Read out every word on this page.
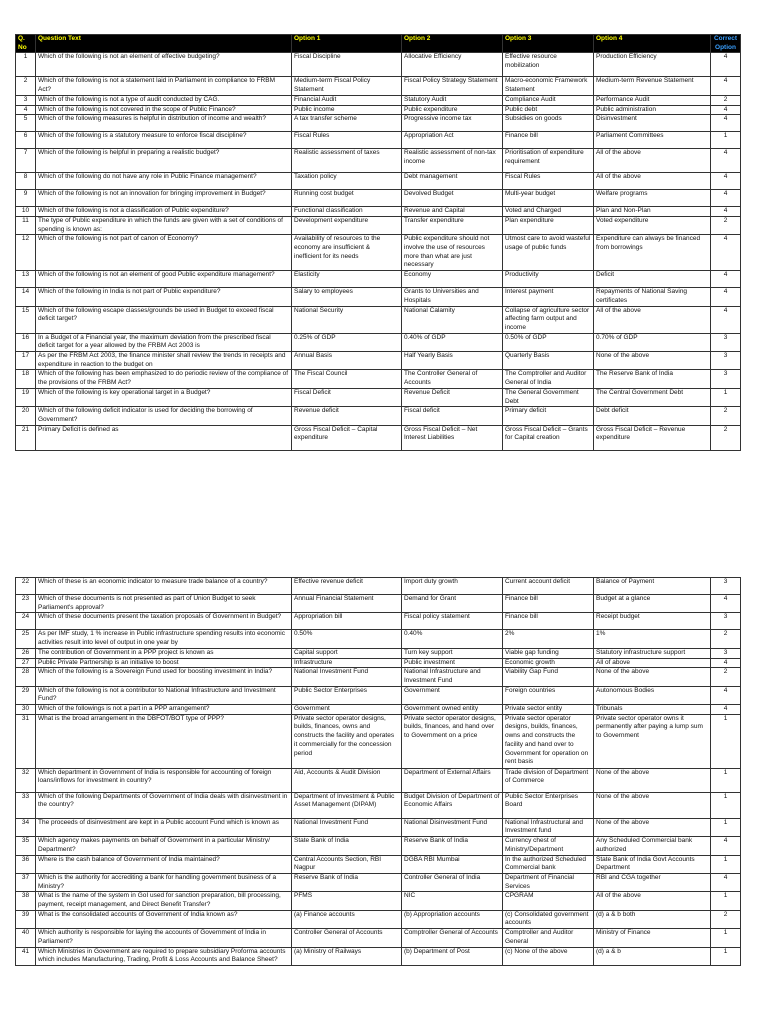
Q. No	Question Text	Option 1	Option 2	Option 3	Option 4	Correct Option
1	Which of the following is not an element of effective budgeting?	Fiscal Discipline	Allocative Efficiency	Effective resource mobilization	Production Efficiency	4
2	Which of the following is not a statement laid in Parliament in compliance to FRBM Act?	Medium-term Fiscal Policy Statement	Fiscal Policy Strategy Statement	Macro-economic Framework Statement	Medium-term Revenue Statement	4
3	Which of the following is not a type of audit conducted by CAG.	Financial Audit	Statutory Audit	Compliance Audit	Performance Audit	2
4	Which of the following is not covered in the scope of Public Finance?	Public income	Public expenditure	Public debt	Public administration	4
5	Which of the following measures is helpful in distribution of income and wealth?	A tax transfer scheme	Progressive income tax	Subsidies on goods	Disinvestment	4
6	Which of the following is a statutory measure to enforce fiscal discipline?	Fiscal Rules	Appropriation Act	Finance bill	Parliament Committees	1
7	Which of the following is helpful in preparing a realistic budget?	Realistic assessment of taxes	Realistic assessment of non-tax income	Prioritisation of expenditure requirement	All of the above	4
8	Which of the following do not have any role in Public Finance management?	Taxation policy	Debt management	Fiscal Rules	All of the above	4
9	Which of the following is not an innovation for bringing improvement in Budget?	Running cost budget	Devolved Budget	Multi-year budget	Welfare programs	4
10	Which of the following is not a classification of Public expenditure?	Functional classification	Revenue and Capital	Voted and Charged	Plan and Non-Plan	4
11	The type of Public expenditure in which the funds are given with a set of conditions of spending is known as:	Development expenditure	Transfer expenditure	Plan expenditure	Voted expenditure	2
12	Which of the following is not part of canon of Economy?	Availability of resources to the economy are insufficient & inefficient for its needs	Public expenditure should not involve the use of resources more than what are just necessary	Utmost care to avoid wasteful usage of public funds	Expenditure can always be financed from borrowings	4
13	Which of the following is not an element of good Public expenditure management?	Elasticity	Economy	Productivity	Deficit	4
14	Which of the following in India is not part of Public expenditure?	Salary to employees	Grants to Universities and Hospitals	Interest payment	Repayments of National Saving certificates	4
15	Which of the following escape classes/grounds be used in Budget to exceed fiscal deficit target?	National Security	National Calamity	Collapse of agriculture sector affecting farm output and income	All of the above	4
16	In a Budget of a Financial year, the maximum deviation from the prescribed fiscal deficit target for a year allowed by the FRBM Act 2003 is	0.25% of GDP	0.40% of GDP	0.50% of GDP	0.70% of GDP	3
17	As per the FRBM Act 2003, the finance minister shall review the trends in receipts and expenditure in reaction to the budget on	Annual Basis	Half Yearly Basis	Quarterly Basis	None of the above	3
18	Which of the following has been emphasized to do periodic review of the compliance of the provisions of the FRBM Act?	The Fiscal Council	The Controller General of Accounts	The Comptroller and Auditor General of India	The Reserve Bank of India	3
19	Which of the following is key operational target in a Budget?	Fiscal Deficit	Revenue Deficit	The General Government Debt	The Central Government Debt	1
20	Which of the following deficit indicator is used for deciding the borrowing of Government?	Revenue deficit	Fiscal deficit	Primary deficit	Debt deficit	2
21	Primary Deficit is defined as	Gross Fiscal Deficit – Capital expenditure	Gross Fiscal Deficit – Net Interest Liabilities	Gross Fiscal Deficit – Grants for Capital creation	Gross Fiscal Deficit – Revenue expenditure	2
22	Which of these is an economic indicator to measure trade balance of a country?	Effective revenue deficit	Import duty growth	Current account deficit	Balance of Payment	3
23	Which of these documents is not presented as part of Union Budget to seek Parliament's approval?	Annual Financial Statement	Demand for Grant	Finance bill	Budget at a glance	4
24	Which of these documents present the taxation proposals of Government in Budget?	Appropriation bill	Fiscal policy statement	Finance bill	Receipt budget	3
25	As per IMF study, 1 % increase in Public infrastructure spending results into economic activities result into level of output in one year by	0.50%	0.40%	2%	1%	2
26	The contribution of Government in a PPP project is known as	Capital support	Turn key support	Viable gap funding	Statutory infrastructure support	3
27	Public Private Partnership is an initiative to boost	Infrastructure	Public investment	Economic growth	All of above	4
28	Which of the following is a Sovereign Fund used for boosting investment in India?	National Investment Fund	National Infrastructure and Investment Fund	Viability Gap Fund	None of the above	2
29	Which of the following is not a contributor to National Infrastructure and Investment Fund?	Public Sector Enterprises	Government	Foreign countries	Autonomous Bodies	4
30	Which of the followings is not a part in a PPP arrangement?	Government	Government owned entity	Private sector entity	Tribunals	4
31	What is the broad arrangement in the DBFOT/BOT type of PPP?	Private sector operator designs, builds, finances, owns and constructs the facility and operates it commercially for the concession period	Private sector operator designs, builds, finances, and hand over to Government on a price	Private sector operator designs, builds, finances, owns and constructs the facility and hand over to Government for operation on rent basis	Private sector operator owns it permanently after paying a lump sum to Government	1
32	Which department in Government of India is responsible for accounting of foreign loans/inflows for investment in country?	Aid, Accounts & Audit Division	Department of External Affairs	Trade division of Department of Commerce	None of the above	1
33	Which of the following Departments of Government of India deals with disinvestment in the country?	Department of Investment & Public Asset Management (DIPAM)	Budget Division of Department of Economic Affairs	Public Sector Enterprises Board	None of the above	1
34	The proceeds of disinvestment are kept in a Public account Fund which is known as	National Investment Fund	National Disinvestment Fund	National Infrastructural and Investment fund	None of the above	1
35	Which agency makes payments on behalf of Government in a particular Ministry/ Department?	State Bank of India	Reserve Bank of India	Currency chest of Ministry/Department	Any Scheduled Commercial bank authorized	4
36	Where is the cash balance of Government of India maintained?	Central Accounts Section, RBI Nagpur	DGBA RBI Mumbai	In the authorized Scheduled Commercial bank	State Bank of India Govt Accounts Department	1
37	Which is the authority for accrediting a bank for handling government business of a Ministry?	Reserve Bank of India	Controller General of India	Department of Financial Services	RBI and CGA together	4
38	What is the name of the system in GoI used for sanction preparation, bill processing, payment, receipt management, and Direct Benefit Transfer?	PFMS	NIC	CPGRAM	All of the above	1
39	What is the consolidated accounts of Government of India known as?	(a) Finance accounts	(b) Appropriation accounts	(c) Consolidated government accounts	(d) a & b both	2
40	Which authority is responsible for laying the accounts of Government of India in Parliament?	Controller General of Accounts	Comptroller General of Accounts	Comptroller and Auditor General	Ministry of Finance	1
41	Which Ministries in Government are required to prepare subsidiary Proforma accounts which includes Manufacturing, Trading, Profit & Loss Accounts and Balance Sheet?	(a) Ministry of Railways	(b) Department of Post	(c) None of the above	(d) a & b	1
